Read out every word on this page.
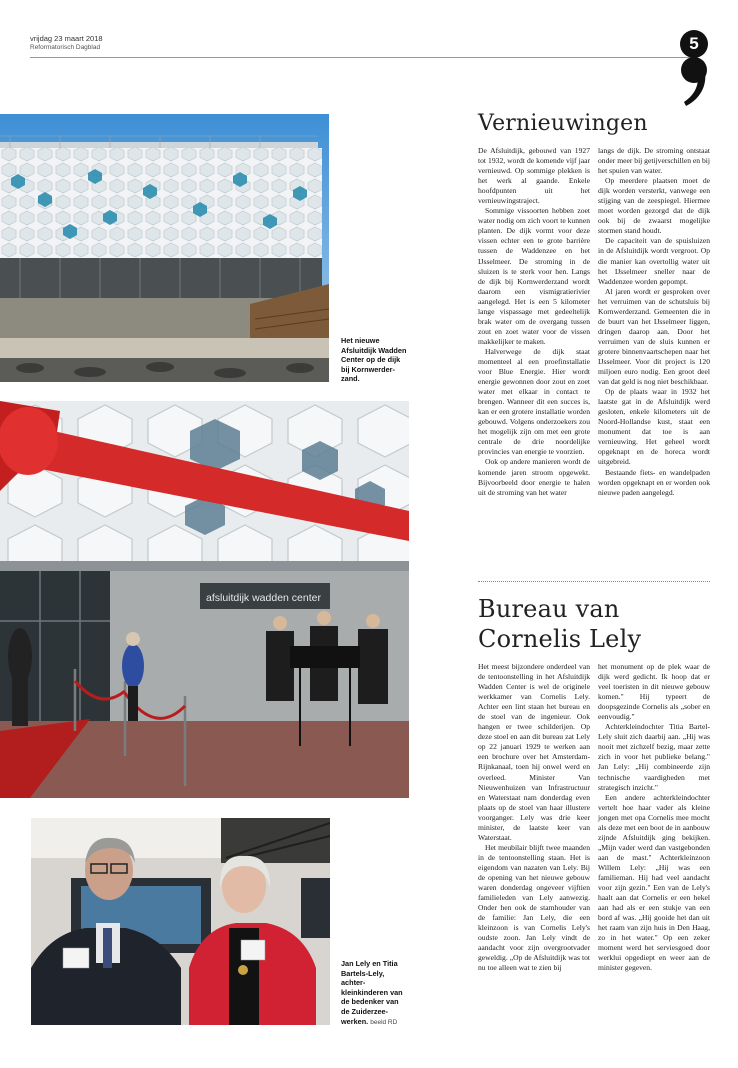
vrijdag 23 maart 2018
Reformatorisch Dagblad	5
Het nieuwe Afsluitdijk Wadden Center op de dijk bij Kornwerder-zand.
afsluitdijk wadden center
Jan Lely en Titia Bartels-Lely, achter-kleinkinderen van de bedenker van de Zuiderzee-werken. beeld RD
Vernieuwingen

De Afsluitdijk, gebouwd van 1927 tot 1932, wordt de komende vijf jaar vernieuwd. Op sommige plekken is het werk al gaande. Enkele hoofdpunten uit het vernieuwingstraject.

Sommige vissoorten hebben zoet water nodig om zich voort te kunnen planten. De dijk vormt voor deze vissen echter een te grote barrière tussen de Waddenzee en het IJsselmeer. De stroming in de sluizen is te sterk voor hen. Langs de dijk bij Kornwerderzand wordt daarom een vismigratierivier aangelegd. Het is een 5 kilometer lange vispassage met gedeeltelijk brak water om de overgang tussen zout en zoet water voor de vissen makkelijker te maken.

Halverwege de dijk staat momenteel al een proefinstallatie voor Blue Energie. Hier wordt energie gewonnen door zout en zoet water met elkaar in contact te brengen. Wanneer dit een succes is, kan er een grotere installatie worden gebouwd. Volgens onderzoekers zou het mogelijk zijn om met een grote centrale de drie noordelijke provincies van energie te voorzien.

Ook op andere manieren wordt de komende jaren stroom opgewekt. Bijvoorbeeld door energie te halen uit de stroming van het water

langs de dijk. De stroming ontstaat onder meer bij getijverschillen en bij het spuien van water.

Op meerdere plaatsen moet de dijk worden versterkt, vanwege een stijging van de zeespiegel. Hiermee moet worden gezorgd dat de dijk ook bij de zwaarst mogelijke stormen stand houdt.

De capaciteit van de spuisluizen in de Afsluitdijk wordt vergroot. Op die manier kan overtollig water uit het IJsselmeer sneller naar de Waddenzee worden gepompt.

Al jaren wordt er gesproken over het verruimen van de schutsluis bij Kornwerderzand. Gemeenten die in de buurt van het IJsselmeer liggen, dringen daarop aan. Door het verruimen van de sluis kunnen er grotere binnenvaartschepen naar het IJsselmeer. Voor dit project is 120 miljoen euro nodig. Een groot deel van dat geld is nog niet beschikbaar.

Op de plaats waar in 1932 het laatste gat in de Afsluitdijk werd gesloten, enkele kilometers uit de Noord-Hollandse kust, staat een monument dat toe is aan vernieuwing. Het geheel wordt opgeknapt en de horeca wordt uitgebreid.

Bestaande fiets- en wandelpaden worden opgeknapt en er worden ook nieuwe paden aangelegd.

Bureau van
Cornelis Lely

Het meest bijzondere onderdeel van de tentoonstelling in het Afsluitdijk Wadden Center is wel de originele werkkamer van Cornelis Lely. Achter een lint staan het bureau en de stoel van de ingenieur. Ook hangen er twee schilderijen. Op deze stoel en aan dit bureau zat Lely op 22 januari 1929 te werken aan een brochure over het Amsterdam-Rijnkanaal, toen hij onwel werd en overleed. Minister Van Nieuwenhuizen van Infrastructuur en Waterstaat nam donderdag even plaats op de stoel van haar illustere voorganger. Lely was drie keer minister, de laatste keer van Waterstaat.

Het meubilair blijft twee maanden in de tentoonstelling staan. Het is eigendom van nazaten van Lely. Bij de opening van het nieuwe gebouw waren donderdag ongeveer vijftien familieleden van Lely aanwezig. Onder hen ook de stamhouder van de familie: Jan Lely, die een kleinzoon is van Cornelis Lely's oudste zoon. Jan Lely vindt de aandacht voor zijn overgrootvader geweldig. „Op de Afsluitdijk was tot nu toe alleen wat te zien bij

het monument op de plek waar de dijk werd gedicht. Ik hoop dat er veel toeristen in dit nieuwe gebouw komen." Hij typeert de doopsgezinde Cornelis als „sober en eenvoudig."

Achterkleindochter Titia Bartel-Lely sluit zich daarbij aan. „Hij was nooit met zichzelf bezig, maar zette zich in voor het publieke belang." Jan Lely: „Hij combineerde zijn technische vaardigheden met strategisch inzicht."

Een andere achterkleindochter vertelt hoe haar vader als kleine jongen met opa Cornelis mee mocht als deze met een boot de in aanbouw zijnde Afsluitdijk ging bekijken. „Mijn vader werd dan vastgebonden aan de mast." Achterkleinzoon Willem Lely: „Hij was een familieman. Hij had veel aandacht voor zijn gezin." Een van de Lely's haalt aan dat Cornelis er een hekel aan had als er een stukje van een bord af was. „Hij gooide het dan uit het raam van zijn huis in Den Haag, zo in het water." Op een zeker moment werd het serviesgoed door werklui opgediept en weer aan de minister gegeven.
